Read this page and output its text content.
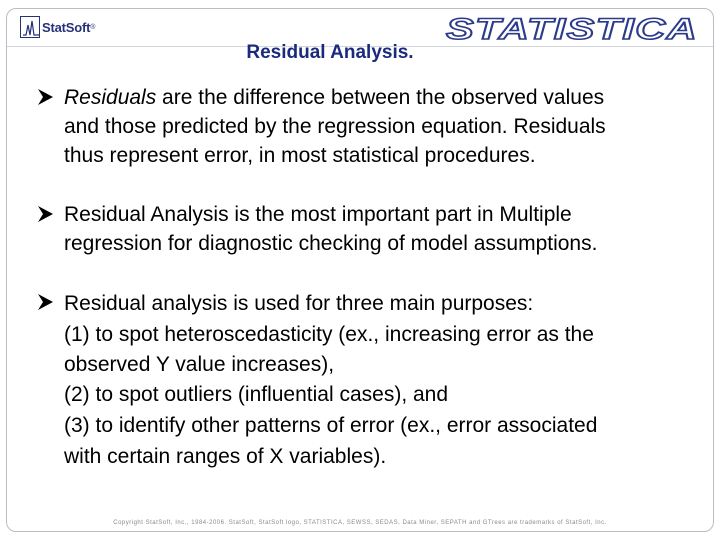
StatSoft ®	STATISTICA
Residual Analysis.
Residuals are the difference between the observed values
and those predicted by the regression equation. Residuals
thus represent error, in most statistical procedures.
Residual Analysis is the most important part in Multiple
regression for diagnostic checking of model assumptions.
Residual analysis is used for three main purposes:
(1) to spot heteroscedasticity (ex., increasing error as the
observed Y value increases),
(2) to spot outliers (influential cases), and
(3) to identify other patterns of error (ex., error associated
with certain ranges of X variables).
Copyright StatSoft, Inc., 1984-2006. StatSoft, StatSoft logo, STATISTICA, SEWSS, SEDAS, Data Miner, SEPATH and GTrees are trademarks of StatSoft, Inc.
